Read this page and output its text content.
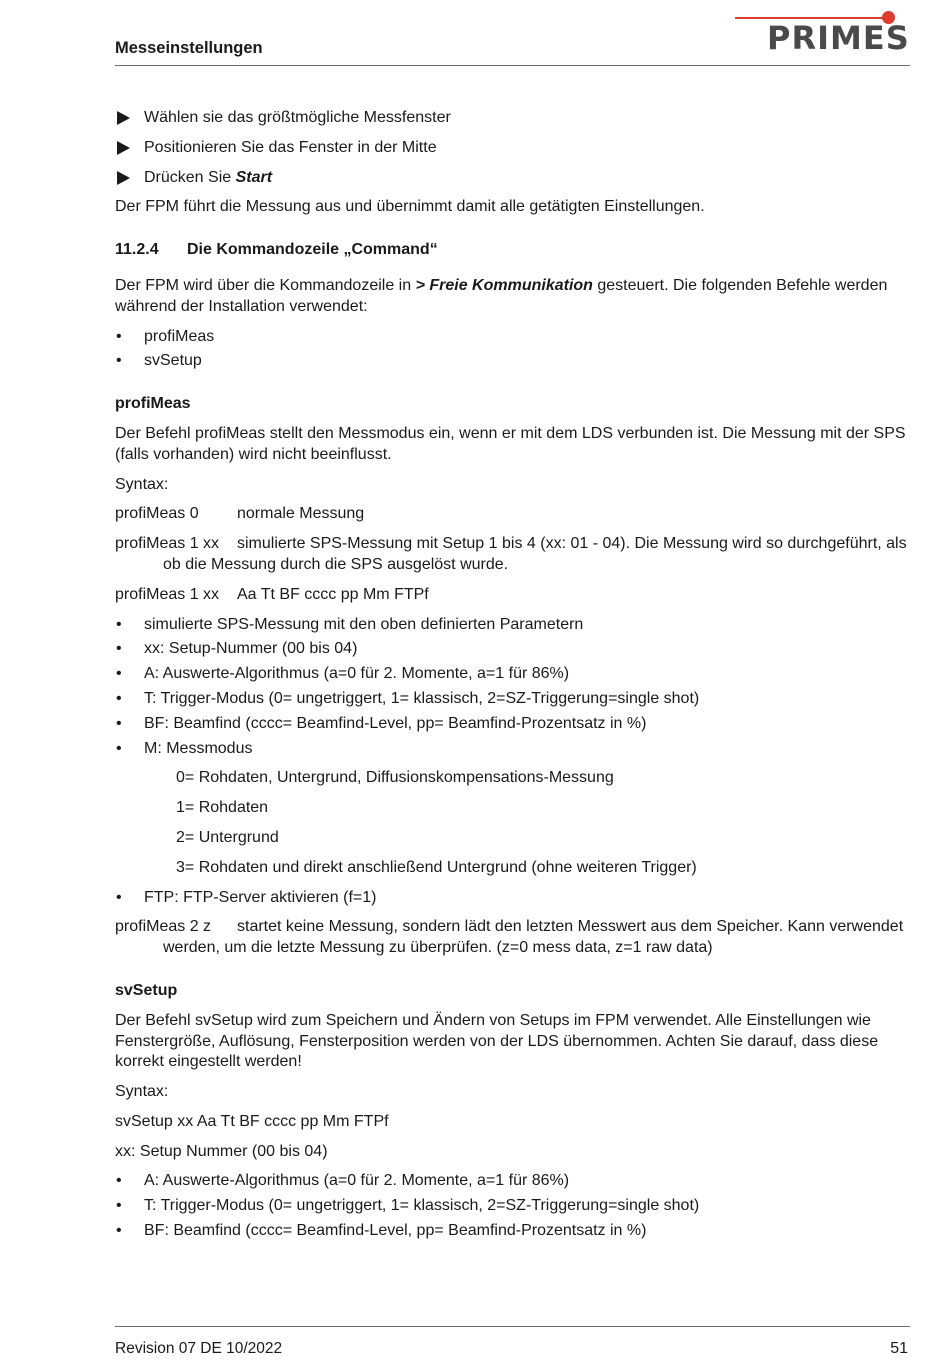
Messeinstellungen	PRIMES
Wählen sie das größtmögliche Messfenster
Positionieren Sie das Fenster in der Mitte
Drücken Sie Start
Der FPM führt die Messung aus und übernimmt damit alle getätigten Einstellungen.
11.2.4	Die Kommandozeile „Command“
Der FPM wird über die Kommandozeile in > Freie Kommunikation gesteuert. Die folgenden Befehle werden während der Installation verwendet:
• profiMeas
• svSetup
profiMeas
Der Befehl profiMeas stellt den Messmodus ein, wenn er mit dem LDS verbunden ist. Die Messung mit der SPS (falls vorhanden) wird nicht beeinflusst.
Syntax:
profiMeas 0 normale Messung
profiMeas 1 xx simulierte SPS-Messung mit Setup 1 bis 4 (xx: 01 - 04). Die Messung wird so durchgeführt, als ob die Messung durch die SPS ausgelöst wurde.
profiMeas 1 xx Aa Tt BF cccc pp Mm FTPf
• simulierte SPS-Messung mit den oben definierten Parametern
• xx: Setup-Nummer (00 bis 04)
• A: Auswerte-Algorithmus (a=0 für 2. Momente, a=1 für 86%)
• T: Trigger-Modus (0= ungetriggert, 1= klassisch, 2=SZ-Triggerung=single shot)
• BF: Beamfind (cccc= Beamfind-Level, pp= Beamfind-Prozentsatz in %)
• M: Messmodus
0= Rohdaten, Untergrund, Diffusionskompensations-Messung
1= Rohdaten
2= Untergrund
3= Rohdaten und direkt anschließend Untergrund (ohne weiteren Trigger)
• FTP: FTP-Server aktivieren (f=1)
profiMeas 2 z startet keine Messung, sondern lädt den letzten Messwert aus dem Speicher. Kann verwendet werden, um die letzte Messung zu überprüfen. (z=0 mess data, z=1 raw data)
svSetup
Der Befehl svSetup wird zum Speichern und Ändern von Setups im FPM verwendet. Alle Einstellungen wie Fenstergröße, Auflösung, Fensterposition werden von der LDS übernommen. Achten Sie darauf, dass diese korrekt eingestellt werden!
Syntax:
svSetup xx Aa Tt BF cccc pp Mm FTPf
xx: Setup Nummer (00 bis 04)
• A: Auswerte-Algorithmus (a=0 für 2. Momente, a=1 für 86%)
• T: Trigger-Modus (0= ungetriggert, 1= klassisch, 2=SZ-Triggerung=single shot)
• BF: Beamfind (cccc= Beamfind-Level, pp= Beamfind-Prozentsatz in %)
Revision 07 DE 10/2022	51
